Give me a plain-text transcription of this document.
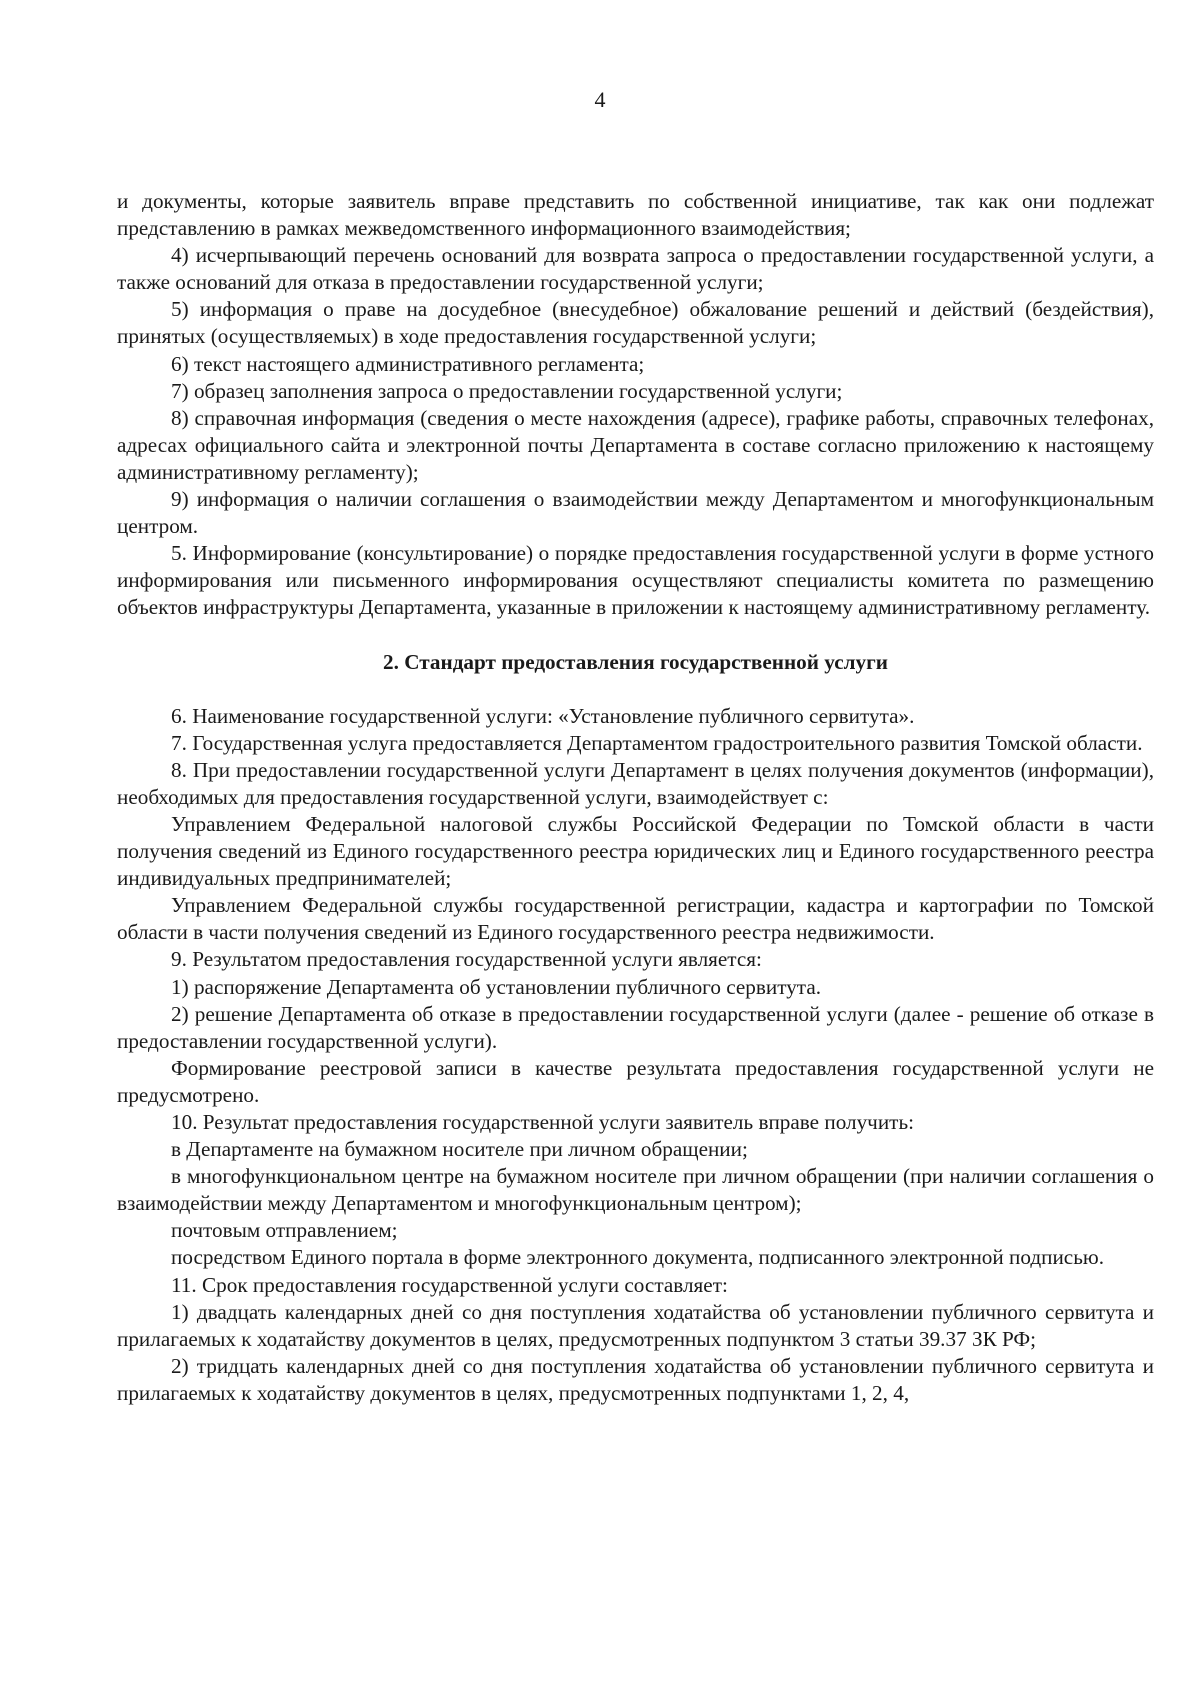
4

и документы, которые заявитель вправе представить по собственной инициативе, так как они подлежат представлению в рамках межведомственного информационного взаимодействия;

4) исчерпывающий перечень оснований для возврата запроса о предоставлении государственной услуги, а также оснований для отказа в предоставлении государственной услуги;

5) информация о праве на досудебное (внесудебное) обжалование решений и действий (бездействия), принятых (осуществляемых) в ходе предоставления государственной услуги;

6) текст настоящего административного регламента;

7) образец заполнения запроса о предоставлении государственной услуги;

8) справочная информация (сведения о месте нахождения (адресе), графике работы, справочных телефонах, адресах официального сайта и электронной почты Департамента в составе согласно приложению к настоящему административному регламенту);

9) информация о наличии соглашения о взаимодействии между Департаментом и многофункциональным центром.

5. Информирование (консультирование) о порядке предоставления государственной услуги в форме устного информирования или письменного информирования осуществляют специалисты комитета по размещению объектов инфраструктуры Департамента, указанные в приложении к настоящему административному регламенту.

2. Стандарт предоставления государственной услуги

6. Наименование государственной услуги: «Установление публичного сервитута».

7. Государственная услуга предоставляется Департаментом градостроительного развития Томской области.

8. При предоставлении государственной услуги Департамент в целях получения документов (информации), необходимых для предоставления государственной услуги, взаимодействует с:

Управлением Федеральной налоговой службы Российской Федерации по Томской области в части получения сведений из Единого государственного реестра юридических лиц и Единого государственного реестра индивидуальных предпринимателей;

Управлением Федеральной службы государственной регистрации, кадастра и картографии по Томской области в части получения сведений из Единого государственного реестра недвижимости.

9. Результатом предоставления государственной услуги является:

1) распоряжение Департамента об установлении публичного сервитута.

2) решение Департамента об отказе в предоставлении государственной услуги (далее - решение об отказе в предоставлении государственной услуги).

Формирование реестровой записи в качестве результата предоставления государственной услуги не предусмотрено.

10. Результат предоставления государственной услуги заявитель вправе получить:

в Департаменте на бумажном носителе при личном обращении;

в многофункциональном центре на бумажном носителе при личном обращении (при наличии соглашения о взаимодействии между Департаментом и многофункциональным центром);

почтовым отправлением;

посредством Единого портала в форме электронного документа, подписанного электронной подписью.

11. Срок предоставления государственной услуги составляет:

1) двадцать календарных дней со дня поступления ходатайства об установлении публичного сервитута и прилагаемых к ходатайству документов в целях, предусмотренных подпунктом 3 статьи 39.37 ЗК РФ;

2) тридцать календарных дней со дня поступления ходатайства об установлении публичного сервитута и прилагаемых к ходатайству документов в целях, предусмотренных подпунктами 1, 2, 4,
